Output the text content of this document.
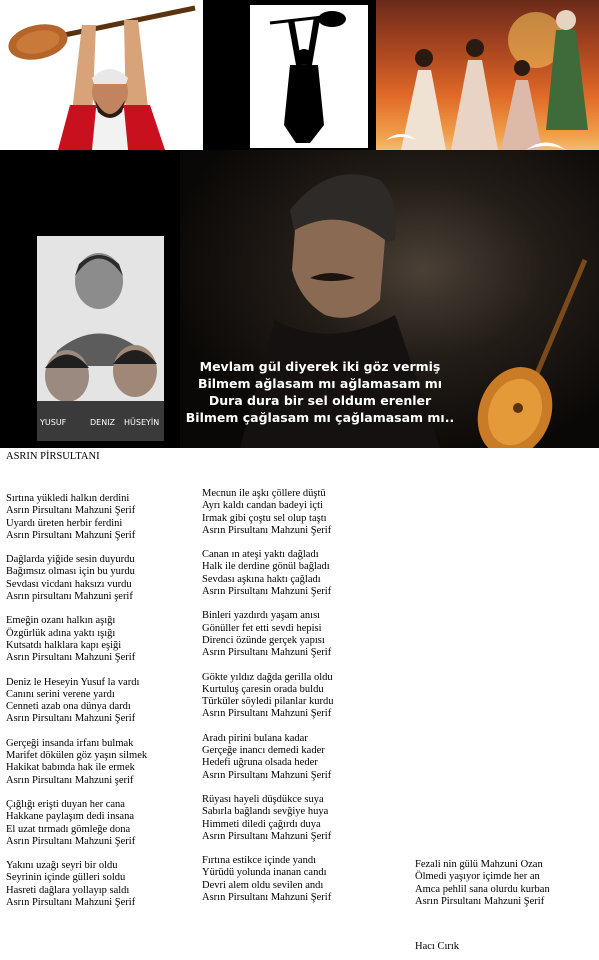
YUSUF	DENIZ HÜSEYİN
Mevlam gül diyerek iki göz vermiş
Bilmem ağlasam mı ağlamasam mı
Dura dura bir sel oldum erenler
Bilmem çağlasam mı çağlamasam mı..
ASRIN PİRSULTANI
Sırtına yükledi halkın derdini
Asrın Pirsultanı Mahzuni Şerif
Uyardı üreten herbir ferdini
Asrın Pirsultanı Mahzuni Şerif
Dağlarda yiğide sesin duyurdu
Bağımsız olması için bu yurdu
Sevdası vicdanı haksızı vurdu
Asrın pirsultanı Mahzuni şerif
Emeğin ozanı halkın aşığı
Özgürlük adına yaktı ışığı
Kutsatdı halklara kapı eşiği
Asrın Pirsultanı Mahzuni Şerif
Deniz le Heseyin Yusuf la vardı
Canını serini verene yardı
Cenneti azab ona dünya dardı
Asrın Pirsultanı Mahzuni Şerif
Gerçeği insanda irfanı bulmak
Marifet dökülen göz yaşın silmek
Hakikat babında hak ile ermek
Asrın Pirsultanı Mahzuni şerif
Çığlığı erişti duyan her cana
Hakkane paylaşım dedi insana
El uzat tırmadı gömleğe dona
Asrın Pirsultanı Mahzuni Şerif
Yakını uzağı seyri bir oldu
Seyrinin içinde gülleri soldu
Hasreti dağlara yollayıp saldı
Asrın Pirsultanı Mahzuni Şerif
Mecnun ile aşkı çöllere düştü
Ayrı kaldı candan badeyi içti
Irmak gibi çoştu sel olup taştı
Asrın Pirsultanı Mahzuni Şerif
Canan ın ateşi yaktı dağladı
Halk ile derdine gönül bağladı
Sevdası aşkına haktı çağladı
Asrın Pirsultanı Mahzuni Şerif
Binleri yazdırdı yaşam anısı
Gönüller fet etti sevdi hepisi
Direnci özünde gerçek yapısı
Asrın Pirsultanı Mahzuni Şerif
Gökte yıldız dağda gerilla oldu
Kurtuluş çaresin orada buldu
Türküler söyledi pilanlar kurdu
Asrın Pirsultanı Mahzuni Şerif
Aradı pirini bulana kadar
Gerçeğe inancı demedi kader
Hedefi uğruna olsada heder
Asrın Pirsultanı Mahzuni Şerif
Rüyası hayeli düşdükce suya
Sabırla bağlandı sevğiye huya
Himmeti diledi çağırdı duya
Asrın Pirsultanı Mahzuni Şerif
Fırtına estikce içinde yandı
Yürüdü yolunda inanan candı
Devri alem oldu sevilen andı
Asrın Pirsultanı Mahzuni Şerif
Fezali nin gülü Mahzuni Ozan
Ölmedi yaşıyor içimde her an
Amca pehlil sana olurdu kurban
Asrın Pirsultanı Mahzuni Şerif
Hacı Cırık
